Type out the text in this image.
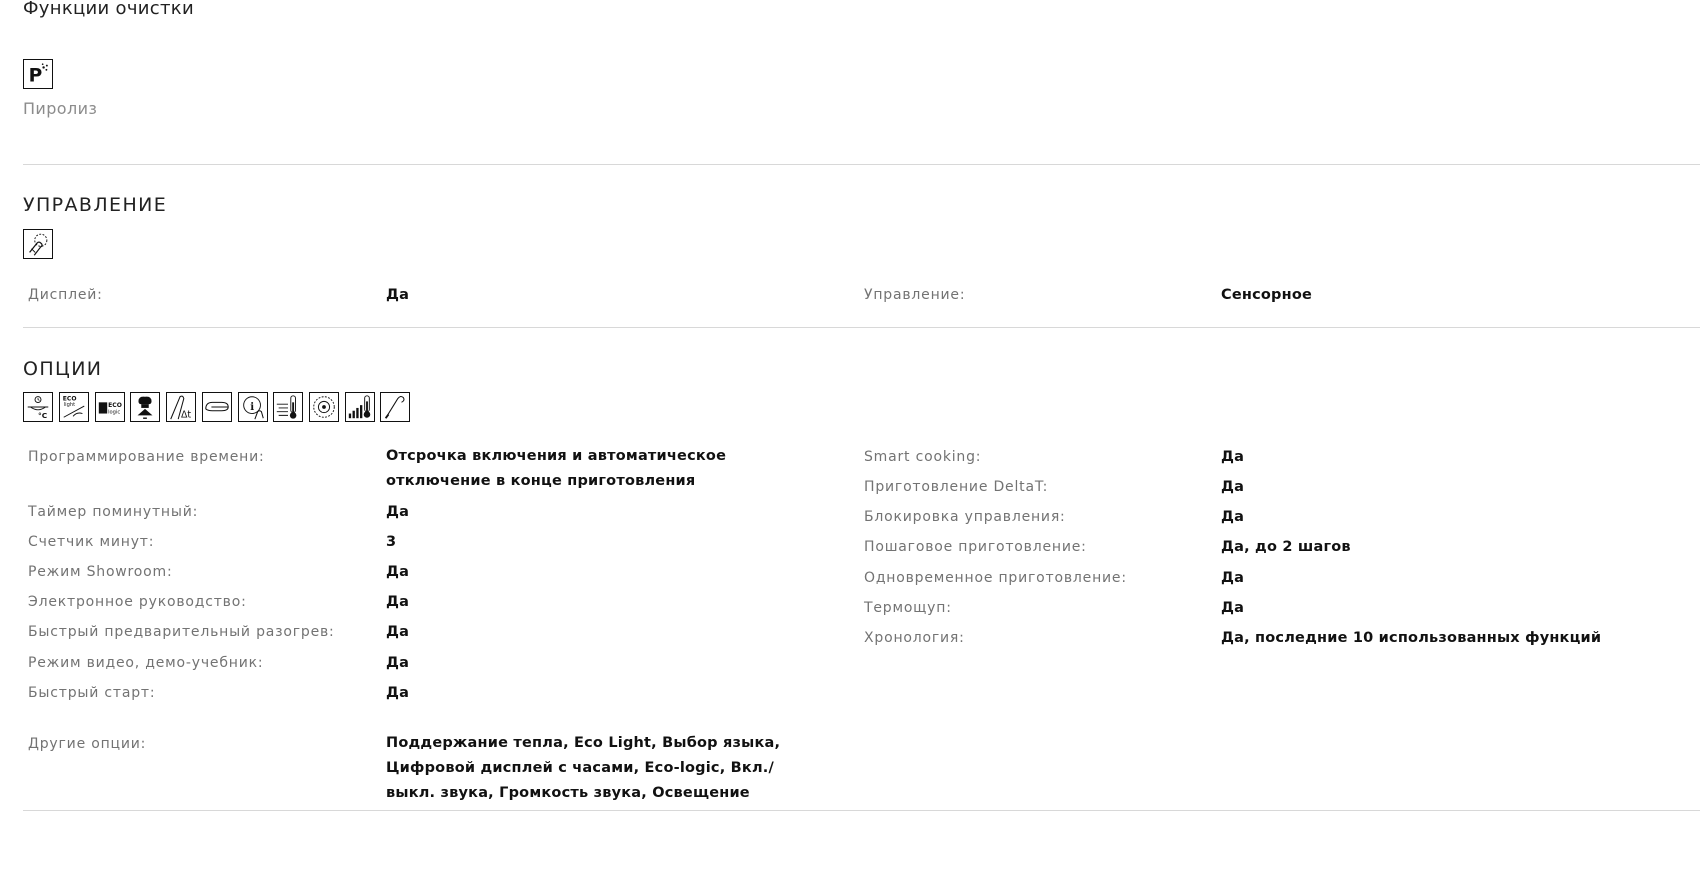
Функции очистки
P
Пиролиз
УПРАВЛЕНИЕ
Дисплей:	Да	Управление:	Сенсорное
ОПЦИИ
°C
ECO
light	ECO
logic	Δt
i
Программирование времени:	Отсрочка включения и автоматическое отключение в конце приготовления
Таймер поминутный:	Да
Счетчик минут:	3
Режим Showroom:	Да
Электронное руководство:	Да
Быстрый предварительный разогрев:	Да
Режим видео, демо-учебник:	Да
Быстрый старт:	Да
Smart cooking:	Да
Приготовление DeltaT:	Да
Блокировка управления:	Да
Пошаговое приготовление:	Да, до 2 шагов
Одновременное приготовление:	Да
Термощуп:	Да
Хронология:	Да, последние 10 использованных функций
Другие опции:	Поддержание тепла, Eco Light, Выбор языка, Цифровой дисплей с часами, Eco-logic, Вкл./выкл. звука, Громкость звука, Освещение
